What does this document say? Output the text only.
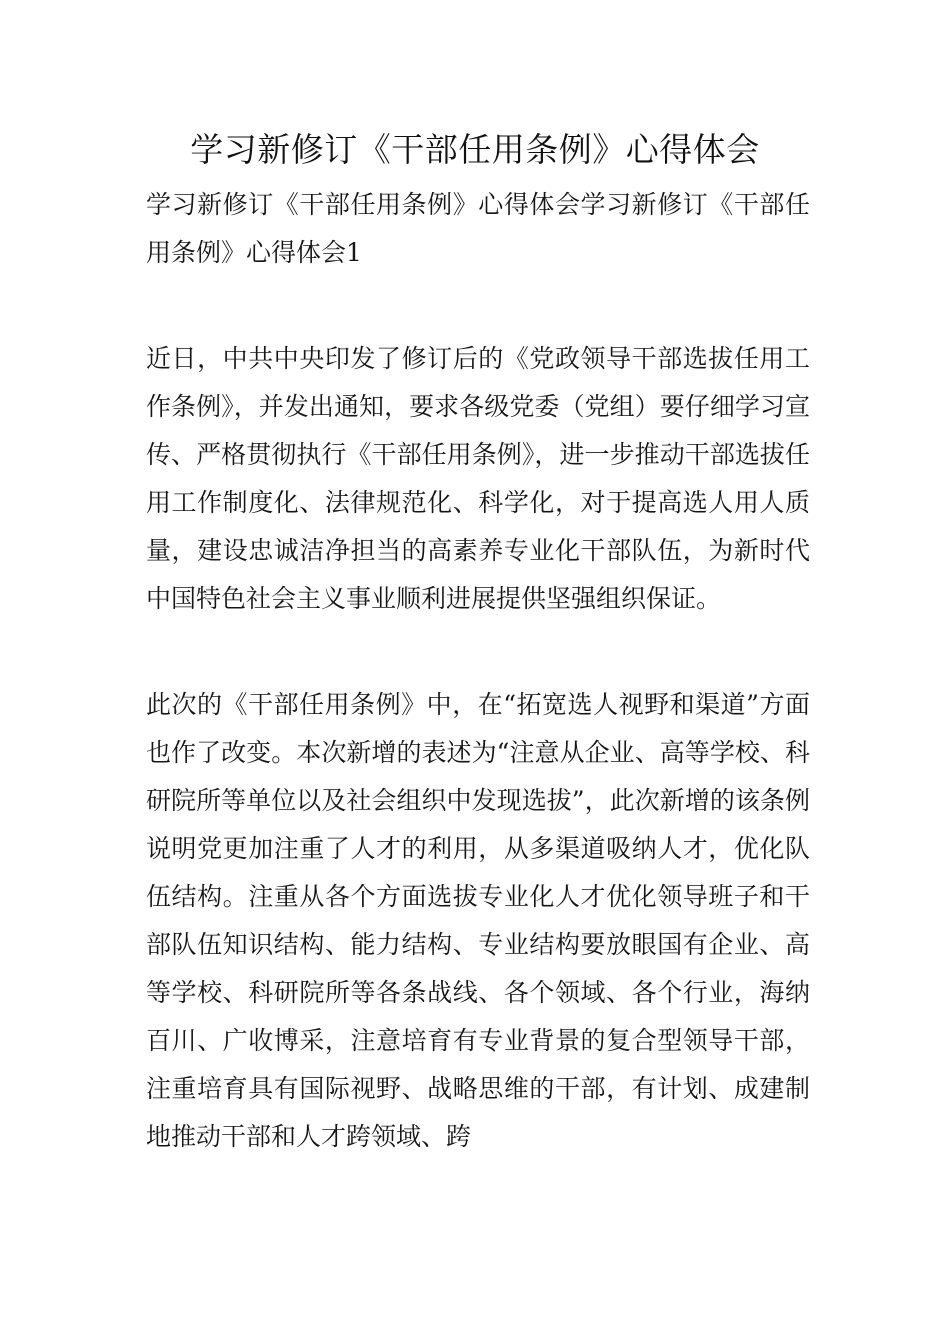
学习新修订《干部任用条例》心得体会

学习新修订《干部任用条例》心得体会学习新修订《干部任用条例》心得体会1

近日，中共中央印发了修订后的《党政领导干部选拔任用工作条例》，并发出通知，要求各级党委（党组）要仔细学习宣传、严格贯彻执行《干部任用条例》，进一步推动干部选拔任用工作制度化、法律规范化、科学化，对于提高选人用人质量，建设忠诚洁净担当的高素养专业化干部队伍，为新时代中国特色社会主义事业顺利进展提供坚强组织保证。

此次的《干部任用条例》中，在“拓宽选人视野和渠道”方面也作了改变。本次新增的表述为“注意从企业、高等学校、科研院所等单位以及社会组织中发现选拔”，此次新增的该条例说明党更加注重了人才的利用，从多渠道吸纳人才，优化队伍结构。注重从各个方面选拔专业化人才优化领导班子和干部队伍知识结构、能力结构、专业结构要放眼国有企业、高等学校、科研院所等各条战线、各个领域、各个行业，海纳百川、广收博采，注意培育有专业背景的复合型领导干部，注重培育具有国际视野、战略思维的干部，有计划、成建制地推动干部和人才跨领域、跨
